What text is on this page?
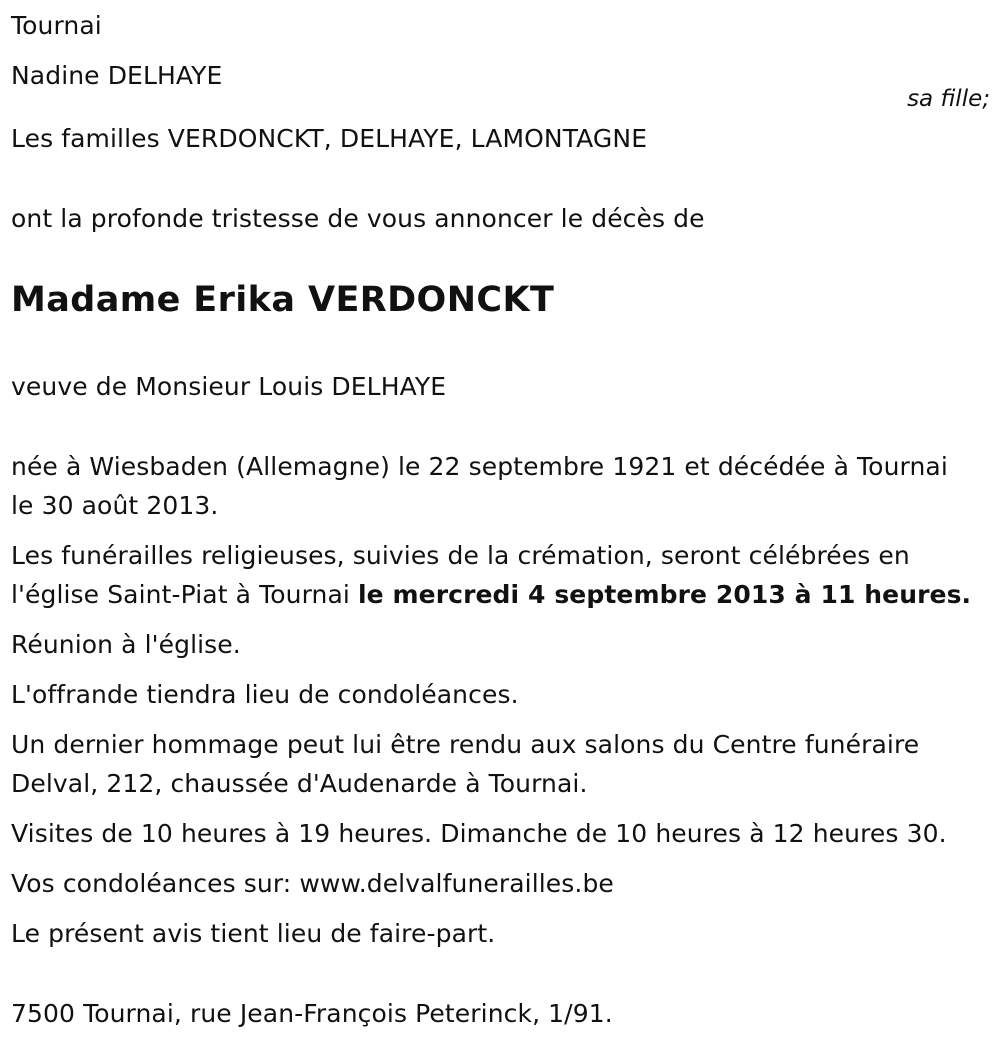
Tournai
Nadine DELHAYE
sa fille;
Les familles VERDONCKT, DELHAYE, LAMONTAGNE
ont la profonde tristesse de vous annoncer le décès de
Madame Erika VERDONCKT
veuve de Monsieur Louis DELHAYE
née à Wiesbaden (Allemagne) le 22 septembre 1921 et décédée à Tournai
le 30 août 2013.
Les funérailles religieuses, suivies de la crémation, seront célébrées en
l'église Saint-Piat à Tournai le mercredi 4 septembre 2013 à 11 heures.
Réunion à l'église.
L'offrande tiendra lieu de condoléances.
Un dernier hommage peut lui être rendu aux salons du Centre funéraire
Delval, 212, chaussée d'Audenarde à Tournai.
Visites de 10 heures à 19 heures. Dimanche de 10 heures à 12 heures 30.
Vos condoléances sur: www.delvalfunerailles.be
Le présent avis tient lieu de faire-part.
7500 Tournai, rue Jean-François Peterinck, 1/91.
